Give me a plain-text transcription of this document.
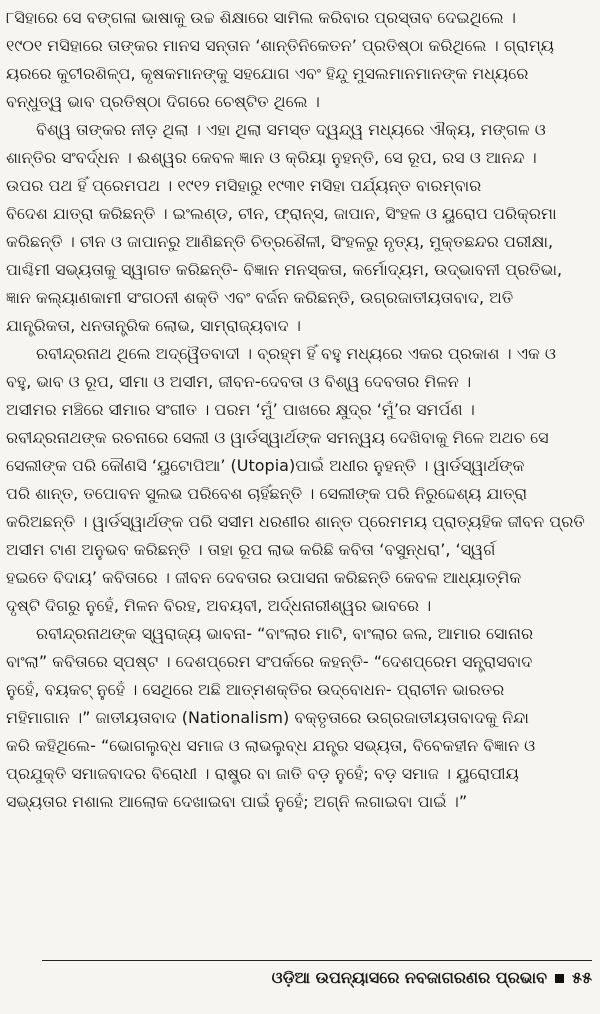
୮ସିହାରେ ସେ ବଙ୍ଗଳା ଭାଷାକୁ ଉଚ୍ଚ ଶିକ୍ଷାରେ ସାମିଲ କରିବାର ପ୍ରସ୍ତାବ ଦେଇଥିଲେ ।
୧୯୦୧ ମସିହାରେ ତାଙ୍କର ମାନସ ସନ୍ତାନ ‘ଶାନ୍ତିନିକେତନ’ ପ୍ରତିଷ୍ଠା କରିଥିଲେ । ଗ୍ରାମ୍ୟ
ୟରରେ କୁଟୀରଶିଳ୍ପ, କୃଷକମାନଙ୍କୁ ସହଯୋଗ ଏବଂ ହିନ୍ଦୁ ମୁସଲମାନମାନଙ୍କ ମଧ୍ୟରେ
ବନ୍ଧୁତ୍ୱ ଭାବ ପ୍ରତିଷ୍ଠା ଦିଗରେ ଚେଷ୍ଟିତ ଥିଲେ ।
ବିଶ୍ୱ ତାଙ୍କର ନୀଡ଼ ଥିଲା । ଏହା ଥିଲା ସମସ୍ତ ଦ୍ୱନ୍ଦ୍ୱ ମଧ୍ୟରେ ଐକ୍ୟ, ମଙ୍ଗଳ ଓ
ଶାନ୍ତିର ସଂବର୍ଦ୍ଧନ । ଈଶ୍ୱର କେବଳ ଜ୍ଞାନ ଓ କ୍ରିୟା ନୁହନ୍ତି, ସେ ରୂପ, ରସ ଓ ଆନନ୍ଦ ।
ଉପର ପଥ ହିଁ ପ୍ରେମପଥ । ୧୯୧୨ ମସିହାରୁ ୧୯୩୧ ମସିହା ପର୍ଯ୍ୟନ୍ତ ବାରମ୍ବାର
ବିଦେଶ ଯାତ୍ରା କରିଛନ୍ତି । ଇଂଲଣ୍ଡ, ଚୀନ, ଫ୍ରାନ୍ସ, ଜାପାନ, ସିଂହଳ ଓ ୟୁରୋପ ପରିକ୍ରମା
କରିଛନ୍ତି । ଚୀନ ଓ ଜାପାନରୁ ଆଣିଛନ୍ତି ଚିତ୍ରଶୈଳୀ, ସିଂହଳରୁ ନୃତ୍ୟ, ମୁକ୍ତଛନ୍ଦର ପରୀକ୍ଷା,
ପାଶ୍ଚିମୀ ସଭ୍ୟତାକୁ ସ୍ୱାଗତ କରିଛନ୍ତି- ବିଜ୍ଞାନ ମନସ୍କତା, କର୍ମୋଦ୍ୟମ, ଉଦ୍‌ଭାବନୀ ପ୍ରତିଭା,
ଜ୍ଞାନ କଲ୍ୟାଣକାମୀ ସଂଗଠନୀ ଶକ୍ତି ଏବଂ ବର୍ଜନ କରିଛନ୍ତି, ଉଗ୍ରଜାତୀୟତାବାଦ, ଅତି
ଯାନ୍ତ୍ରିକତା, ଧନତାନ୍ତ୍ରିକ ଲୋଭ, ସାମ୍ରାଜ୍ୟବାଦ ।
ରବୀନ୍ଦ୍ରନାଥ ଥିଲେ ଅଦ୍ୱୈତବାଦୀ । ବ୍ରହ୍ମ ହିଁ ବହୁ ମଧ୍ୟରେ ଏକର ପ୍ରକାଶ । ଏକ ଓ
ବହୁ, ଭାବ ଓ ରୂପ, ସୀମା ଓ ଅସୀମ, ଜୀବନ-ଦେବତା ଓ ବିଶ୍ୱ ଦେବତାର ମିଳନ ।
ଅସୀମର ମଞ୍ଚିରେ ସୀମାର ସଂଗୀତ । ପରମ ‘ମୁଁ’ ପାଖରେ କ୍ଷୁଦ୍ର ‘ମୁଁ’ର ସମର୍ପଣ ।
ରବୀନ୍ଦ୍ରନାଥଙ୍କ ରଚନାରେ ସେଲୀ ଓ ୱାର୍ଡସ୍‌ୱାର୍ଥଙ୍କ ସମନ୍ୱୟ ଦେଖିବାକୁ ମିଳେ ଅଥଚ ସେ
ସେଲୀଙ୍କ ପରି କୌଣସି ‘ୟୁଟୋପିଆ’ (Utopia)ପାଇଁ ଅଧୀର ନୁହନ୍ତି । ୱାର୍ଡସ୍‌ୱାର୍ଥଙ୍କ
ପରି ଶାନ୍ତ, ତପୋବନ ସୁଲଭ ପରିବେଶ ଚାହିଁଛନ୍ତି । ସେଲୀଙ୍କ ପରି ନିରୁଦ୍ଦେଶ୍ୟ ଯାତ୍ରା
କରିଅଛନ୍ତି । ୱାର୍ଡସ୍‌ୱାର୍ଥଙ୍କ ପରି ସସୀମ ଧରଣୀର ଶାନ୍ତ ପ୍ରେମମୟ ପ୍ରାତ୍ୟହିକ ଜୀବନ ପ୍ରତି
ଅସୀମ ଟାଣ ଅନୁଭବ କରିଛନ୍ତି । ତାହା ରୂପ ଲାଭ କରିଛି କବିତା ‘ବସୁନ୍ଧରା’, ‘ସ୍ୱର୍ଗ
ହଇତେ ବିଦାୟ’ କବିତାରେ । ଜୀବନ ଦେବତାର ଉପାସନା କରିଛନ୍ତି କେବଳ ଆଧ୍ୟାତ୍ମିକ
ଦୃଷ୍ଟି ଦିଗରୁ ନୁହେଁ, ମିଳନ ବିରହ, ଅବୟବୀ, ଅର୍ଦ୍ଧନାରୀଶ୍ୱର ଭାବରେ ।
ରବୀନ୍ଦ୍ରନାଥଙ୍କ ସ୍ୱରାଜ୍ୟ ଭାବନା- “ବାଂଲାର ମାଟି, ବାଂଲାର ଜଲ, ଆମାର ସୋନାର
ବାଂଲା” କବିତାରେ ସ୍ପଷ୍ଟ । ଦେଶପ୍ରେମ ସଂପର୍କରେ କହନ୍ତି- “ଦେଶପ୍ରେମ ସନ୍ତ୍ରାସବାଦ
ନୁହେଁ, ବୟକଟ୍ ନୁହେଁ । ସେଥିରେ ଅଛି ଆତ୍ମଶକ୍ତିର ଉଦ୍‌ବୋଧନ- ପ୍ରାଚୀନ ଭାରତର
ମହିମାଗାନ ।” ଜାତୀୟତାବାଦ (Nationalism) ବକ୍ତୃତାରେ ଉଗ୍ରଜାତୀୟତାବାଦକୁ ନିନ୍ଦା
କରି କହିଥିଲେ- “ଭୋଗଲୁବ୍ଧ ସମାଜ ଓ ଲାଭଲୁବ୍ଧ ଯନ୍ତ୍ର ସଭ୍ୟତା, ବିବେକହୀନ ବିଜ୍ଞାନ ଓ
ପ୍ରଯୁକ୍ତି ସମାଜବାଦର ବିରୋଧୀ । ରାଷ୍ଟ୍ର ବା ଜାତି ବଡ଼ ନୁହେଁ; ବଡ଼ ସମାଜ । ୟୁରୋପୀୟ
ସଭ୍ୟତାର ମଶାଲ ଆଲୋକ ଦେଖାଇବା ପାଇଁ ନୁହେଁ; ଅଗ୍ନି ଲଗାଇବା ପାଇଁ ।”
ଓଡ଼ିଆ ଉପନ୍ୟାସରେ ନବଜାଗରଣର ପ୍ରଭାବ ୫୫
